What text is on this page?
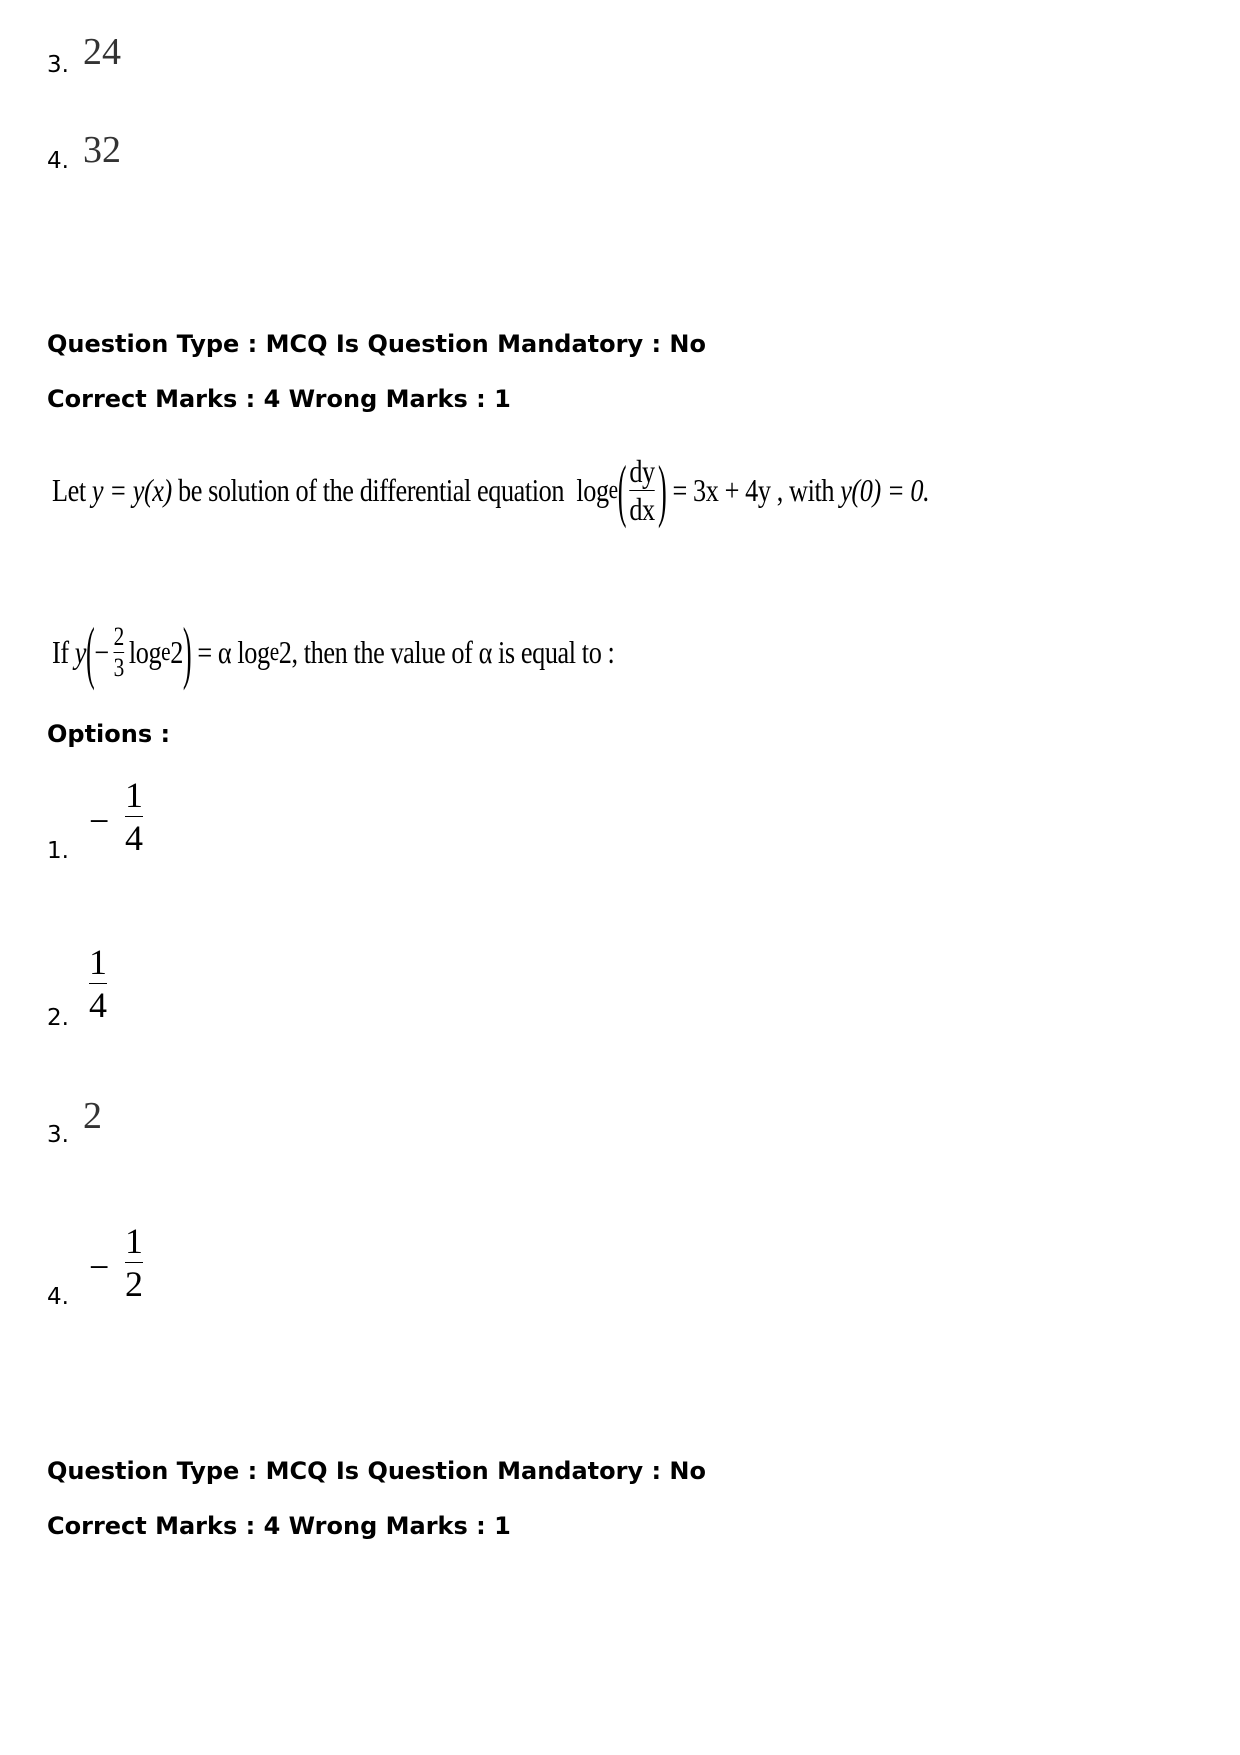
3. 24
4. 32
Question Type : MCQ Is Question Mandatory : No
Correct Marks : 4 Wrong Marks : 1
Let
y = y(x)
be solution of the differential equation
log e ( $\frac{dy}{dx}$ )
= 3x + 4y , with
y(0) = 0.
If
y ( − $\frac{2}{3}$ log e 2 )
= α
log e 2 , then the value of α is equal to :
Options :
1.
−
1
4
2.
1
4
3. 2
4.
−
1
2
Question Type : MCQ Is Question Mandatory : No
Correct Marks : 4 Wrong Marks : 1
